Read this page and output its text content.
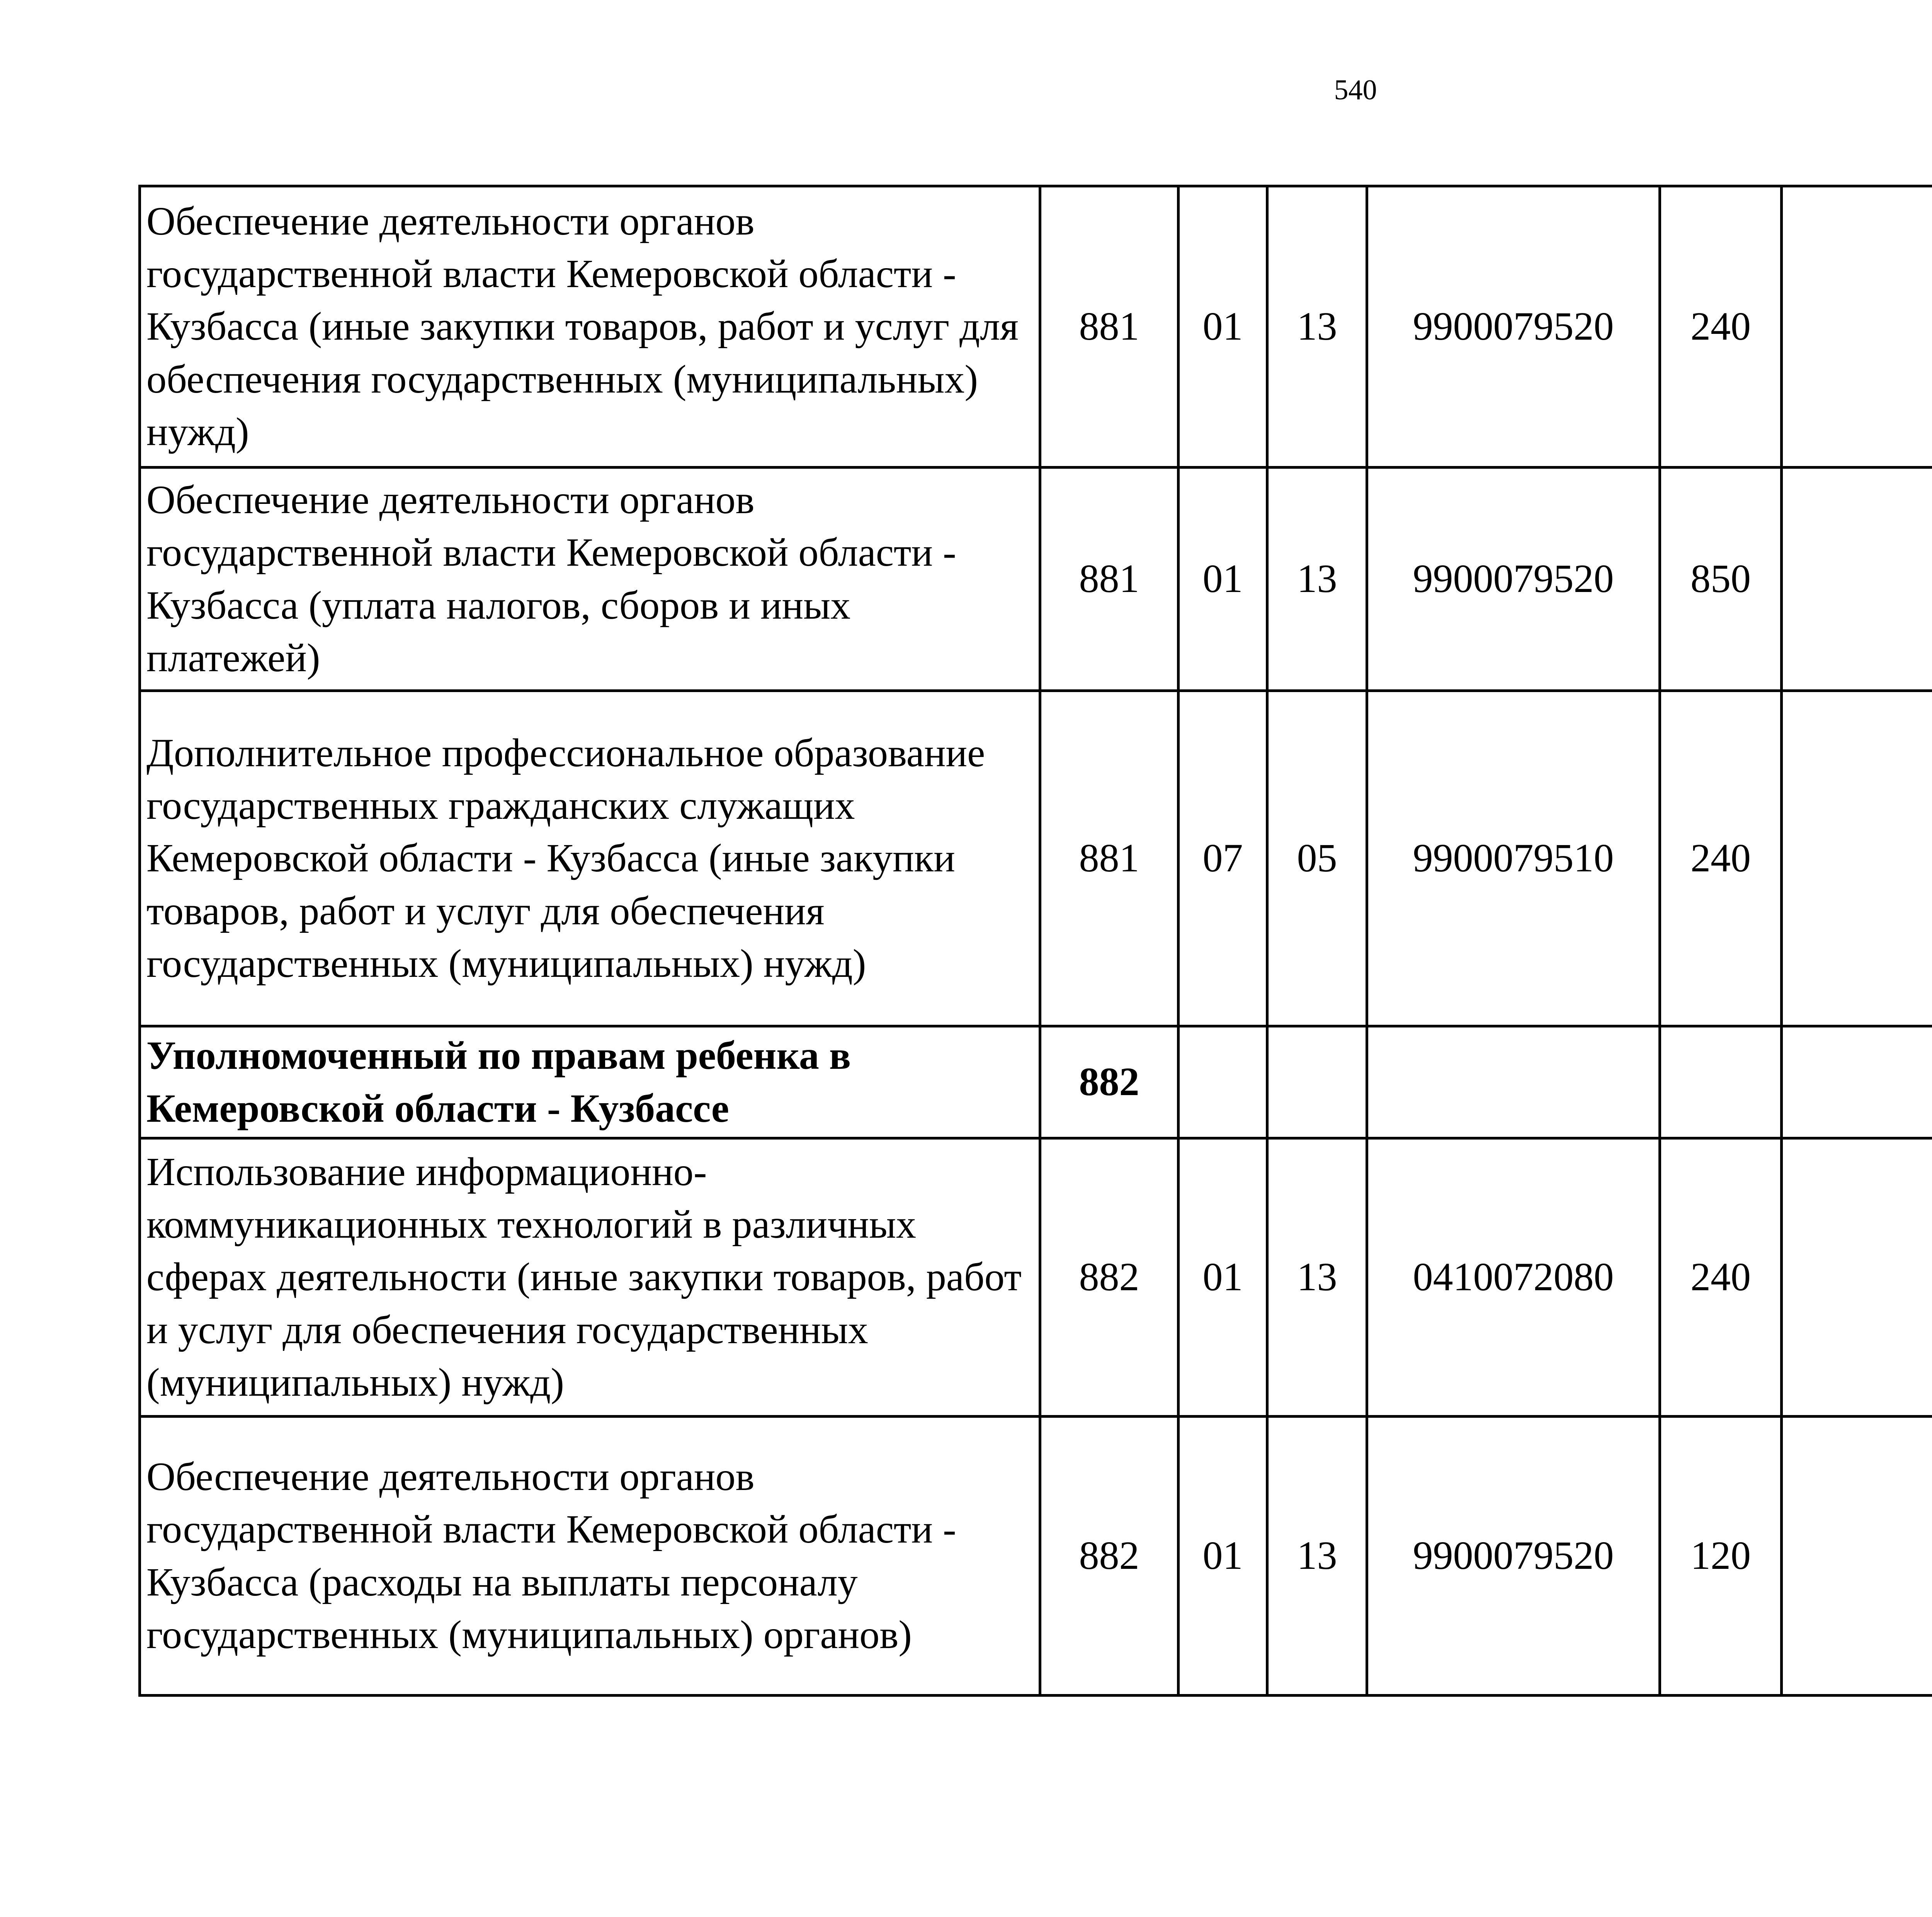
540
Обеспечение деятельности органов государственной власти Кемеровской области - Кузбасса (иные закупки товаров, работ и услуг для обеспечения государственных (муниципальных) нужд)	881	01	13	9900079520	240			
Обеспечение деятельности органов государственной власти Кемеровской области - Кузбасса (уплата налогов, сборов и иных платежей)	881	01	13	9900079520	850			
Дополнительное профессиональное образование государственных гражданских служащих Кемеровской области - Кузбасса (иные закупки товаров, работ и услуг для обеспечения государственных (муниципальных) нужд)	881	07	05	9900079510	240			
Уполномоченный по правам ребенка в Кемеровской области - Кузбассе	882							
Использование информационно-коммуникационных технологий в различных сферах деятельности (иные закупки товаров, работ и услуг для обеспечения государственных (муниципальных) нужд)	882	01	13	0410072080	240			
Обеспечение деятельности органов государственной власти Кемеровской области - Кузбасса (расходы на выплаты персоналу государственных (муниципальных) органов)	882	01	13	9900079520	120			
